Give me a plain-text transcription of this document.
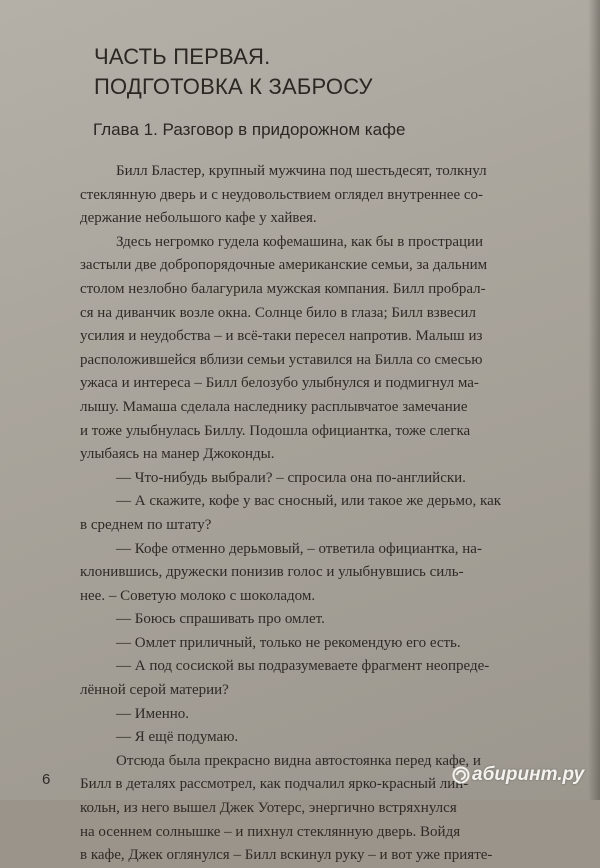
ЧАСТЬ ПЕРВАЯ.
ПОДГОТОВКА К ЗАБРОСУ
Глава 1. Разговор в придорожном кафе
Билл Бластер, крупный мужчина под шестьдесят, толкнул
стеклянную дверь и с неудовольствием оглядел внутреннее со-
держание небольшого кафе у хайвея.
Здесь негромко гудела кофемашина, как бы в прострации
застыли две добропорядочные американские семьи, за дальним
столом незлобно балагурила мужская компания. Билл пробрал-
ся на диванчик возле окна. Солнце било в глаза; Билл взвесил
усилия и неудобства – и всё-таки пересел напротив. Малыш из
расположившейся вблизи семьи уставился на Билла со смесью
ужаса и интереса – Билл белозубо улыбнулся и подмигнул ма-
лышу. Мамаша сделала наследнику расплывчатое замечание
и тоже улыбнулась Биллу. Подошла официантка, тоже слегка
улыбаясь на манер Джоконды.
— Что-нибудь выбрали? – спросила она по-английски.
— А скажите, кофе у вас сносный, или такое же дерьмо, как
в среднем по штату?
— Кофе отменно дерьмовый, – ответила официантка, на-
клонившись, дружески понизив голос и улыбнувшись силь-
нее. – Советую молоко с шоколадом.
— Боюсь спрашивать про омлет.
— Омлет приличный, только не рекомендую его есть.
— А под сосиской вы подразумеваете фрагмент неопреде-
лённой серой материи?
— Именно.
— Я ещё подумаю.
Отсюда была прекрасно видна автостоянка перед кафе, и
Билл в деталях рассмотрел, как подчалил ярко-красный лин-
кольн, из него вышел Джек Уотерс, энергично встряхнулся
на осеннем солнышке – и пихнул стеклянную дверь. Войдя
в кафе, Джек оглянулся – Билл вскинул руку – и вот уже прияте-
6	абиринт.ру
